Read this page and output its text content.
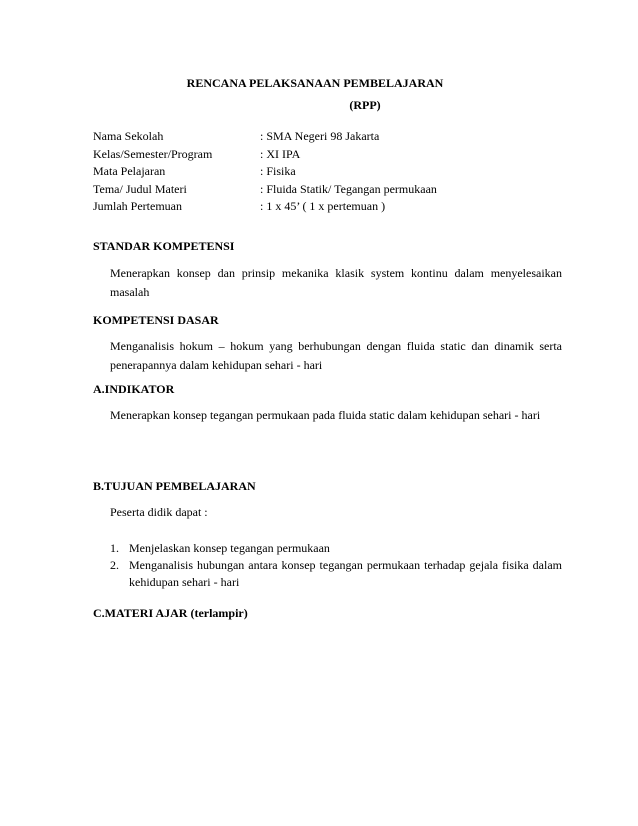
RENCANA PELAKSANAAN PEMBELAJARAN
(RPP)
Nama Sekolah	: SMA Negeri 98 Jakarta
Kelas/Semester/Program	: XI IPA
Mata Pelajaran	: Fisika
Tema/ Judul Materi	: Fluida Statik/ Tegangan permukaan
Jumlah Pertemuan	: 1 x 45’ ( 1 x pertemuan )
STANDAR KOMPETENSI
Menerapkan konsep dan prinsip mekanika klasik system kontinu dalam menyelesaikan masalah
KOMPETENSI DASAR
Menganalisis hokum – hokum yang berhubungan dengan fluida static dan dinamik serta penerapannya dalam kehidupan sehari - hari
A.INDIKATOR
Menerapkan konsep tegangan permukaan pada fluida static dalam kehidupan sehari - hari
B.TUJUAN PEMBELAJARAN
Peserta didik dapat :
1. Menjelaskan konsep tegangan permukaan
2. Menganalisis hubungan antara konsep tegangan permukaan terhadap gejala fisika dalam kehidupan sehari - hari
C.MATERI AJAR (terlampir)
